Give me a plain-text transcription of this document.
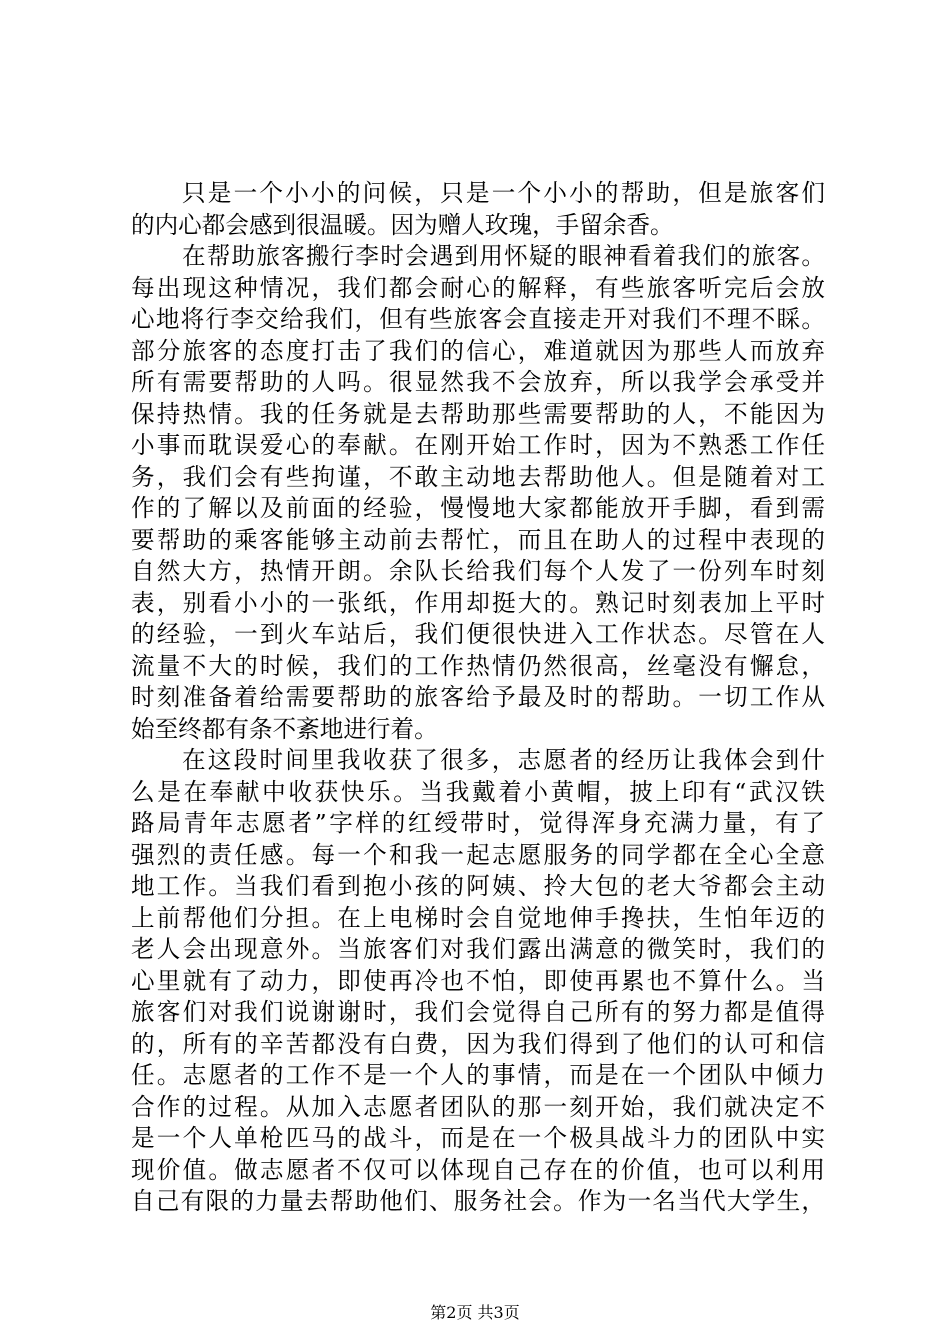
只是一个小小的问候，只是一个小小的帮助，但是旅客们
的内心都会感到很温暖。因为赠人玫瑰，手留余香。
在帮助旅客搬行李时会遇到用怀疑的眼神看着我们的旅客。
每出现这种情况，我们都会耐心的解释，有些旅客听完后会放
心地将行李交给我们，但有些旅客会直接走开对我们不理不睬。
部分旅客的态度打击了我们的信心，难道就因为那些人而放弃
所有需要帮助的人吗。很显然我不会放弃，所以我学会承受并
保持热情。我的任务就是去帮助那些需要帮助的人，不能因为
小事而耽误爱心的奉献。在刚开始工作时，因为不熟悉工作任
务，我们会有些拘谨，不敢主动地去帮助他人。但是随着对工
作的了解以及前面的经验，慢慢地大家都能放开手脚，看到需
要帮助的乘客能够主动前去帮忙，而且在助人的过程中表现的
自然大方，热情开朗。余队长给我们每个人发了一份列车时刻
表，别看小小的一张纸，作用却挺大的。熟记时刻表加上平时
的经验，一到火车站后，我们便很快进入工作状态。尽管在人
流量不大的时候，我们的工作热情仍然很高，丝毫没有懈怠，
时刻准备着给需要帮助的旅客给予最及时的帮助。一切工作从
始至终都有条不紊地进行着。
在这段时间里我收获了很多，志愿者的经历让我体会到什
么是在奉献中收获快乐。当我戴着小黄帽，披上印有“武汉铁
路局青年志愿者”字样的红绶带时，觉得浑身充满力量，有了
强烈的责任感。每一个和我一起志愿服务的同学都在全心全意
地工作。当我们看到抱小孩的阿姨、拎大包的老大爷都会主动
上前帮他们分担。在上电梯时会自觉地伸手搀扶，生怕年迈的
老人会出现意外。当旅客们对我们露出满意的微笑时，我们的
心里就有了动力，即使再冷也不怕，即使再累也不算什么。当
旅客们对我们说谢谢时，我们会觉得自己所有的努力都是值得
的，所有的辛苦都没有白费，因为我们得到了他们的认可和信
任。志愿者的工作不是一个人的事情，而是在一个团队中倾力
合作的过程。从加入志愿者团队的那一刻开始，我们就决定不
是一个人单枪匹马的战斗，而是在一个极具战斗力的团队中实
现价值。做志愿者不仅可以体现自己存在的价值，也可以利用
自己有限的力量去帮助他们、服务社会。作为一名当代大学生，
第2页 共3页
